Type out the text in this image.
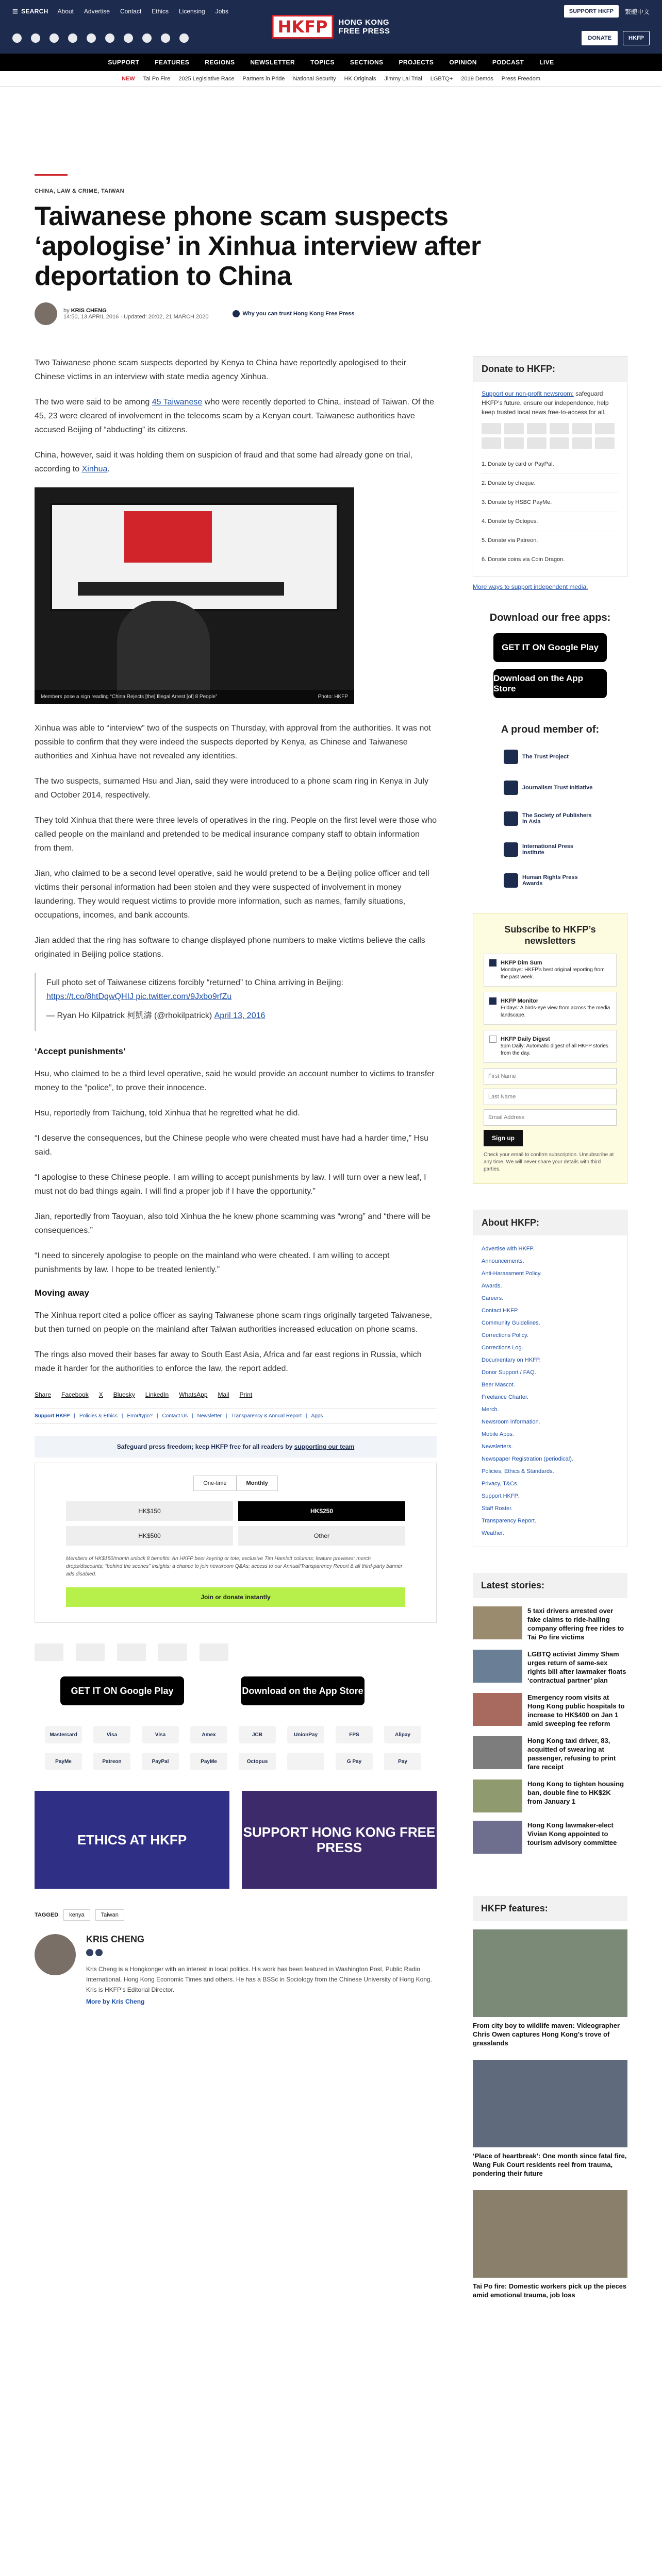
☰ SEARCH About Advertise Contact Ethics Licensing Jobs	SUPPORT HKFP	繁體中文
HKFP	HONG KONG
FREE PRESS
DONATE	HKFP
SUPPORT	FEATURES	REGIONS	NEWSLETTER	TOPICS	SECTIONS	PROJECTS	OPINION	PODCAST	LIVE
NEW Tai Po Fire 2025 Legislative Race Partners in Pride National Security HK Originals Jimmy Lai Trial LGBTQ+ 2019 Demos Press Freedom
CHINA, LAW & CRIME, TAIWAN
Taiwanese phone scam suspects ‘apologise’ in Xinhua interview after deportation to China
by KRIS CHENG
14:50, 13 APRIL 2016 · Updated: 20:02, 21 MARCH 2020	Why you can trust Hong Kong Free Press

Two Taiwanese phone scam suspects deported by Kenya to China have reportedly apologised to their Chinese victims in an interview with state media agency Xinhua.

The two were said to be among 45 Taiwanese who were recently deported to China, instead of Taiwan. Of the 45, 23 were cleared of involvement in the telecoms scam by a Kenyan court. Taiwanese authorities have accused Beijing of “abducting” its citizens.

China, however, said it was holding them on suspicion of fraud and that some had already gone on trial, according to Xinhua.

Members pose a sign reading “China Rejects [the] Illegal Arrest [of] 8 People”	Photo: HKFP

Xinhua was able to “interview” two of the suspects on Thursday, with approval from the authorities. It was not possible to confirm that they were indeed the suspects deported by Kenya, as Chinese and Taiwanese authorities and Xinhua have not revealed any identities.

The two suspects, surnamed Hsu and Jian, said they were introduced to a phone scam ring in Kenya in July and October 2014, respectively.

They told Xinhua that there were three levels of operatives in the ring. People on the first level were those who called people on the mainland and pretended to be medical insurance company staff to obtain information from them.

Jian, who claimed to be a second level operative, said he would pretend to be a Beijing police officer and tell victims their personal information had been stolen and they were suspected of involvement in money laundering. They would request victims to provide more information, such as names, family situations, occupations, incomes, and bank accounts.

Jian added that the ring has software to change displayed phone numbers to make victims believe the calls originated in Beijing police stations.

Full photo set of Taiwanese citizens forcibly “returned” to China arriving in Beijing:
https://t.co/8htDqwQHIJ pic.twitter.com/9Jxbo9rfZu

— Ryan Ho Kilpatrick 柯凱濤 (@rhokilpatrick) April 13, 2016

‘Accept punishments’

Hsu, who claimed to be a third level operative, said he would provide an account number to victims to transfer money to the “police”, to prove their innocence.

Hsu, reportedly from Taichung, told Xinhua that he regretted what he did.

“I deserve the consequences, but the Chinese people who were cheated must have had a harder time,” Hsu said.

“I apologise to these Chinese people. I am willing to accept punishments by law. I will turn over a new leaf, I must not do bad things again. I will find a proper job if I have the opportunity.”

Jian, reportedly from Taoyuan, also told Xinhua the he knew phone scamming was “wrong” and “there will be consequences.”

“I need to sincerely apologise to people on the mainland who were cheated. I am willing to accept punishments by law. I hope to be treated leniently.”

Moving away

The Xinhua report cited a police officer as saying Taiwanese phone scam rings originally targeted Taiwanese, but then turned on people on the mainland after Taiwan authorities increased education on phone scams.

The rings also moved their bases far away to South East Asia, Africa and far east regions in Russia, which made it harder for the authorities to enforce the law, the report added.

Share Facebook X Bluesky LinkedIn WhatsApp Mail Print
Support HKFP | Policies & Ethics | Error/typo? | Contact Us | Newsletter | Transparency & Annual Report | Apps
Safeguard press freedom; keep HKFP free for all readers by supporting our team
One-time	Monthly
HK$150	HK$250
HK$500	Other
Members of HK$150/month unlock 8 benefits: An HKFP beer keyring or tote; exclusive Tim Hamlett columns; feature previews; merch drops/discounts; "behind the scenes" insights; a chance to join newsroom Q&As; access to our Annual/Transparency Report & all third-party banner ads disabled.
Join or donate instantly
GET IT ON Google Play	Download on the App Store
Mastercard	Visa	Visa	Amex	JCB	UnionPay	FPS	Alipay
PayMe	Patreon	PayPal	PayMe	Octopus	G Pay	Pay
ETHICS AT HKFP	SUPPORT HONG KONG FREE PRESS
TAGGED	kenya	Taiwan
KRIS CHENG

Kris Cheng is a Hongkonger with an interest in local politics. His work has been featured in Washington Post, Public Radio International, Hong Kong Economic Times and others. He has a BSSc in Sociology from the Chinese University of Hong Kong. Kris is HKFP’s Editorial Director.
More by Kris Cheng
Donate to HKFP:
Support our non-profit newsroom: safeguard HKFP’s future, ensure our independence, help keep trusted local news free-to-access for all.
1. Donate by card or PayPal.
2. Donate by cheque.
3. Donate by HSBC PayMe.
4. Donate by Octopus.
5. Donate via Patreon.
6. Donate coins via Coin Dragon.
More ways to support independent media.
Download our free apps:
GET IT ON Google Play
Download on the App Store
A proud member of:
The Trust Project
Journalism Trust Initiative
The Society of Publishers in Asia
International Press Institute
Human Rights Press Awards
Subscribe to HKFP’s newsletters
HKFP Dim Sum
Mondays: HKFP’s best original reporting from the past week.
HKFP Monitor
Fridays: A birds-eye view from across the media landscape.
HKFP Daily Digest
9pm Daily: Automatic digest of all HKFP stories from the day.
First Name Last Name Email Address Sign up
Check your email to confirm subscription. Unsubscribe at any time. We will never share your details with third parties.
About HKFP:
Advertise with HKFP.
Announcements.
Anti-Harassment Policy.
Awards.
Careers.
Contact HKFP.
Community Guidelines.
Corrections Policy.
Corrections Log.
Documentary on HKFP.
Donor Support / FAQ.
Beer Mascot.
Freelance Charter.
Merch.
Newsroom Information.
Mobile Apps.
Newsletters.
Newspaper Registration (periodical).
Policies, Ethics & Standards.
Privacy, T&Cs.
Support HKFP.
Staff Roster.
Transparency Report.
Weather.
Latest stories:
5 taxi drivers arrested over fake claims to ride-hailing company offering free rides to Tai Po fire victims
LGBTQ activist Jimmy Sham urges return of same-sex rights bill after lawmaker floats ‘contractual partner’ plan
Emergency room visits at Hong Kong public hospitals to increase to HK$400 on Jan 1 amid sweeping fee reform
Hong Kong taxi driver, 83, acquitted of swearing at passenger, refusing to print fare receipt
Hong Kong to tighten housing ban, double fine to HK$2K from January 1
Hong Kong lawmaker-elect Vivian Kong appointed to tourism advisory committee
HKFP features:
From city boy to wildlife maven: Videographer Chris Owen captures Hong Kong’s trove of grasslands
‘Place of heartbreak’: One month since fatal fire, Wang Fuk Court residents reel from trauma, pondering their future
Tai Po fire: Domestic workers pick up the pieces amid emotional trauma, job loss
